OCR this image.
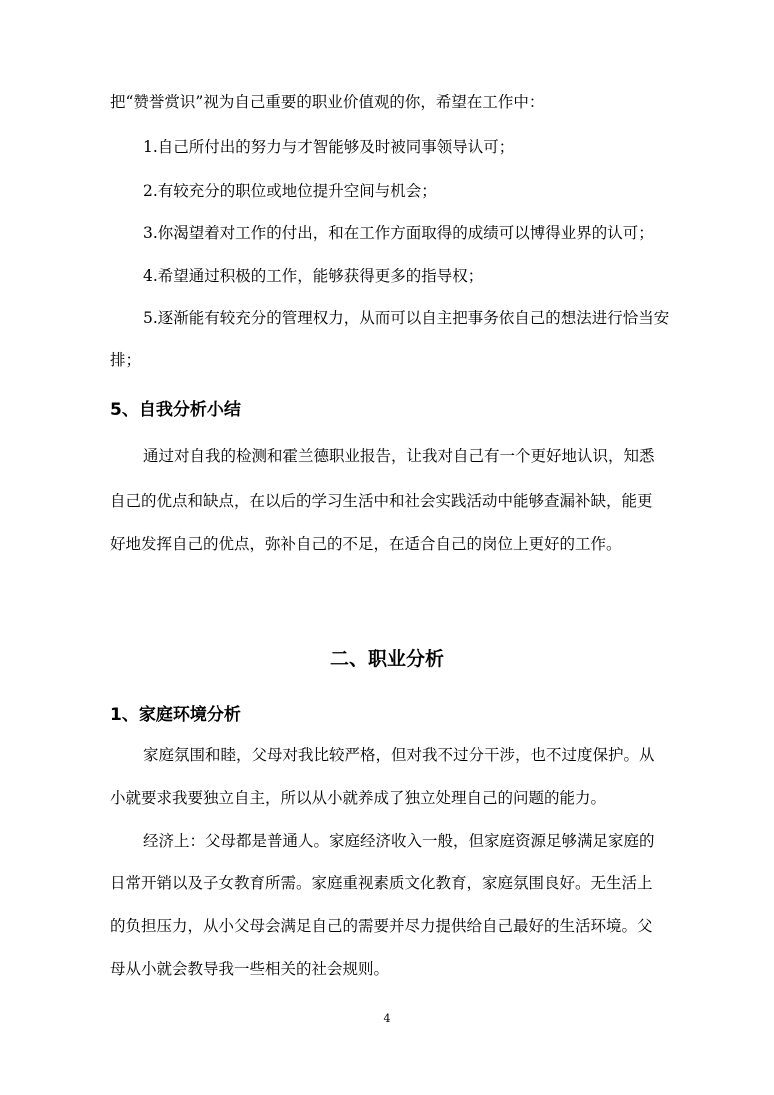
把“赞誉赏识”视为自己重要的职业价值观的你，希望在工作中：

1.自己所付出的努力与才智能够及时被同事领导认可；

2.有较充分的职位或地位提升空间与机会；

3.你渴望着对工作的付出，和在工作方面取得的成绩可以博得业界的认可；

4.希望通过积极的工作，能够获得更多的指导权；

5.逐渐能有较充分的管理权力，从而可以自主把事务依自己的想法进行恰当安

排；

5、自我分析小结

通过对自我的检测和霍兰德职业报告，让我对自己有一个更好地认识，知悉

自己的优点和缺点，在以后的学习生活中和社会实践活动中能够查漏补缺，能更

好地发挥自己的优点，弥补自己的不足，在适合自己的岗位上更好的工作。

二、职业分析
1、家庭环境分析

家庭氛围和睦，父母对我比较严格，但对我不过分干涉，也不过度保护。从

小就要求我要独立自主，所以从小就养成了独立处理自己的问题的能力。

经济上：父母都是普通人。家庭经济收入一般，但家庭资源足够满足家庭的

日常开销以及子女教育所需。家庭重视素质文化教育，家庭氛围良好。无生活上

的负担压力，从小父母会满足自己的需要并尽力提供给自己最好的生活环境。父

母从小就会教导我一些相关的社会规则。

4
